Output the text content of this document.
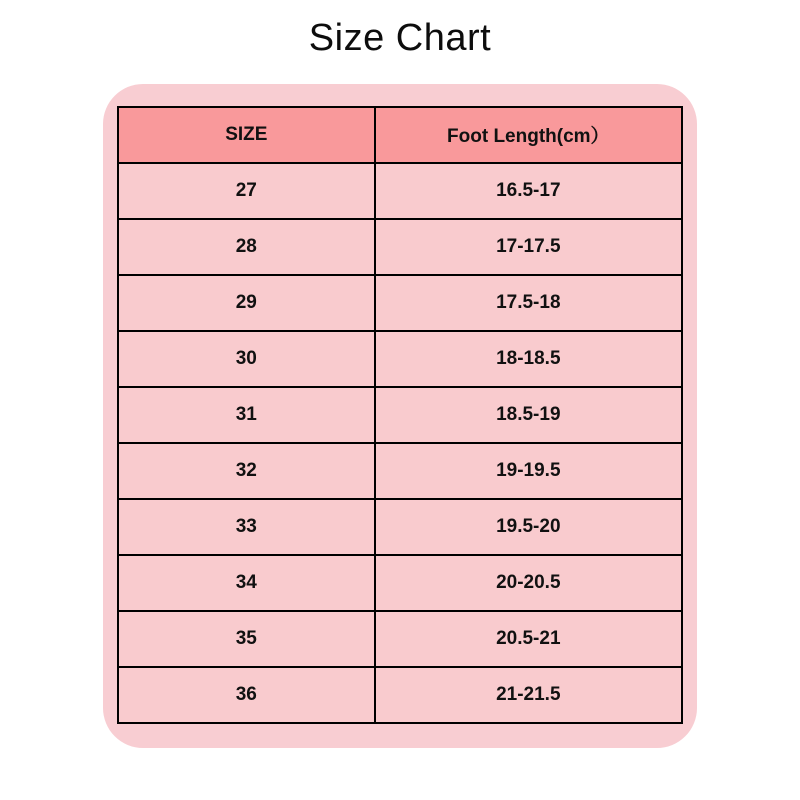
Size Chart
SIZE	Foot Length(cm）
27	16.5-17
28	17-17.5
29	17.5-18
30	18-18.5
31	18.5-19
32	19-19.5
33	19.5-20
34	20-20.5
35	20.5-21
36	21-21.5
